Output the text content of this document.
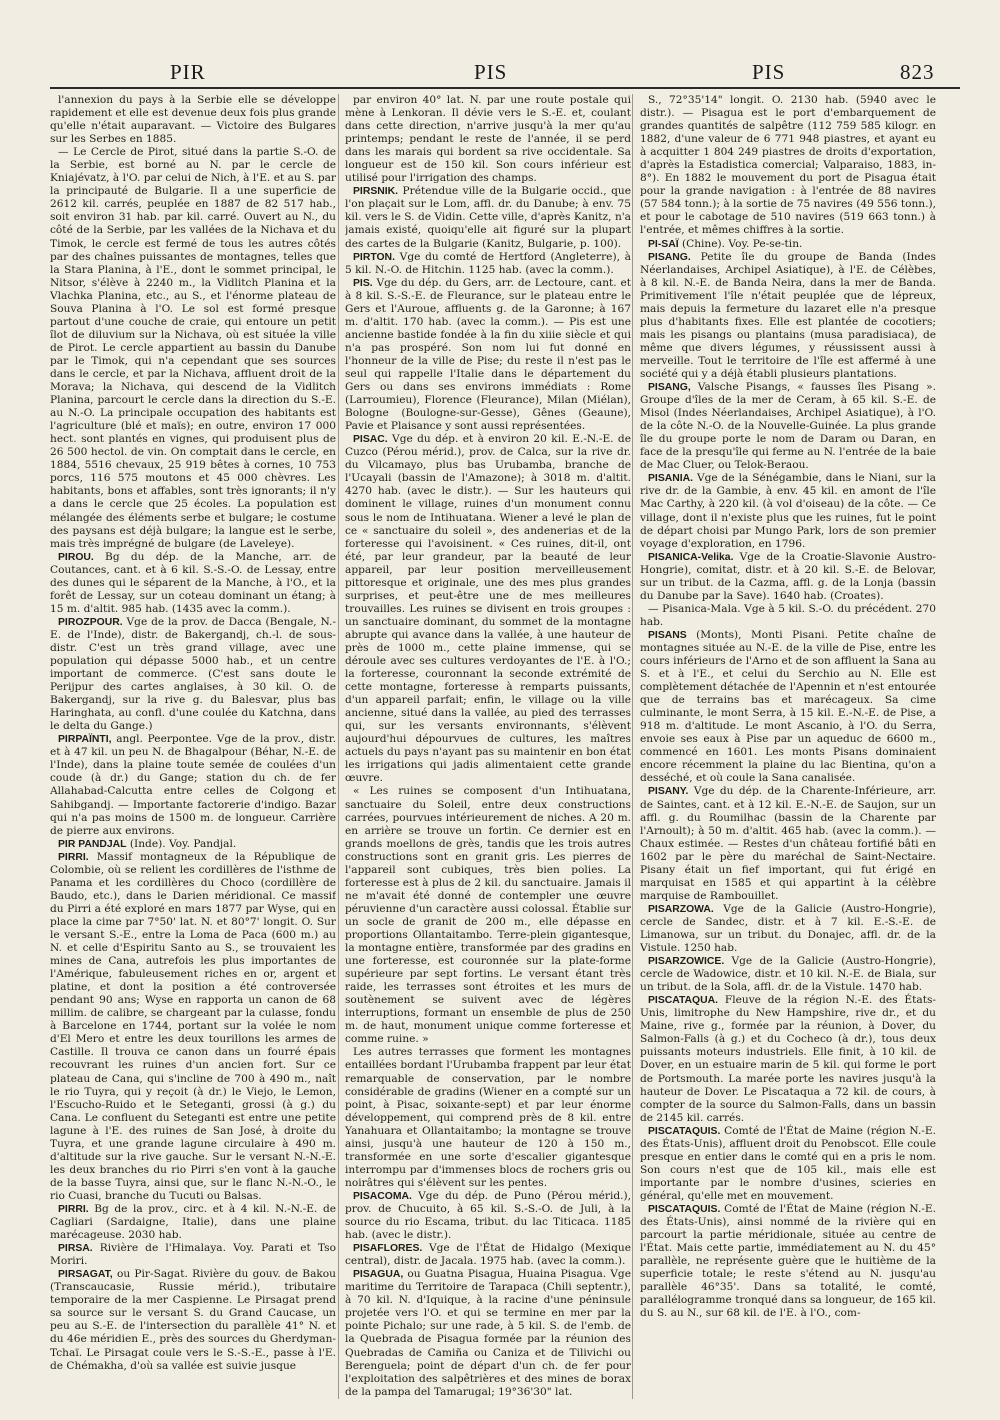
PIR	PIS	PIS	823

l'annexion du pays à la Serbie elle se développe rapidement et elle est devenue deux fois plus grande qu'elle n'était auparavant. — Victoire des Bulgares sur les Serbes en 1885.

— Le Cercle de Pirot, situé dans la partie S.-O. de la Serbie, est borné au N. par le cercle de Kniajévatz, à l'O. par celui de Nich, à l'E. et au S. par la principauté de Bulgarie. Il a une superficie de 2612 kil. carrés, peuplée en 1887 de 82 517 hab., soit environ 31 hab. par kil. carré. Ouvert au N., du côté de la Serbie, par les vallées de la Nichava et du Timok, le cercle est fermé de tous les autres côtés par des chaînes puissantes de montagnes, telles que la Stara Planina, à l'E., dont le sommet principal, le Nitsor, s'élève à 2240 m., la Vidlitch Planina et la Vlachka Planina, etc., au S., et l'énorme plateau de Souva Planina à l'O. Le sol est formé presque partout d'une couche de craie, qui entoure un petit îlot de diluvium sur la Nichava, où est située la ville de Pirot. Le cercle appartient au bassin du Danube par le Timok, qui n'a cependant que ses sources dans le cercle, et par la Nichava, affluent droit de la Morava; la Nichava, qui descend de la Vidlitch Planina, parcourt le cercle dans la direction du S.-E. au N.-O. La principale occupation des habitants est l'agriculture (blé et maïs); en outre, environ 17 000 hect. sont plantés en vignes, qui produisent plus de 26 500 hectol. de vin. On comptait dans le cercle, en 1884, 5516 chevaux, 25 919 bêtes à cornes, 10 753 porcs, 116 575 moutons et 45 000 chèvres. Les habitants, bons et affables, sont très ignorants; il n'y a dans le cercle que 25 écoles. La population est mélangée des éléments serbe et bulgare; le costume des paysans est déjà bulgare; la langue est le serbe, mais très imprégné de bulgare (de Laveleye).

PIROU. Bg du dép. de la Manche, arr. de Coutances, cant. et à 6 kil. S.-S.-O. de Lessay, entre des dunes qui le séparent de la Manche, à l'O., et la forêt de Lessay, sur un coteau dominant un étang; à 15 m. d'altit. 985 hab. (1435 avec la comm.).

PIROZPOUR. Vge de la prov. de Dacca (Bengale, N.-E. de l'Inde), distr. de Bakergandj, ch.-l. de sous-distr. C'est un très grand village, avec une population qui dépasse 5000 hab., et un centre important de commerce. (C'est sans doute le Perijpur des cartes anglaises, à 30 kil. O. de Bakergandj, sur la rive g. du Balesvar, plus bas Haringhata, au confl. d'une coulée du Katchna, dans le delta du Gange.)

PIRPAÏNTI, angl. Peerpontee. Vge de la prov., distr. et à 47 kil. un peu N. de Bhagalpour (Béhar, N.-E. de l'Inde), dans la plaine toute semée de coulées d'un coude (à dr.) du Gange; station du ch. de fer Allahabad-Calcutta entre celles de Colgong et Sahibgandj. — Importante factorerie d'indigo. Bazar qui n'a pas moins de 1500 m. de longueur. Carrière de pierre aux environs.

PIR PANDJAL (Inde). Voy. Pandjal.

PIRRI. Massif montagneux de la République de Colombie, où se relient les cordillères de l'isthme de Panama et les cordillères du Choco (cordillère de Baudo, etc.), dans le Darien méridional. Ce massif du Pirri a été exploré en mars 1877 par Wyse, qui en place la cime par 7°50' lat. N. et 80°7' longit. O. Sur le versant S.-E., entre la Loma de Paca (600 m.) au N. et celle d'Espiritu Santo au S., se trouvaient les mines de Cana, autrefois les plus importantes de l'Amérique, fabuleusement riches en or, argent et platine, et dont la position a été controversée pendant 90 ans; Wyse en rapporta un canon de 68 millim. de calibre, se chargeant par la culasse, fondu à Barcelone en 1744, portant sur la volée le nom d'El Mero et entre les deux tourillons les armes de Castille. Il trouva ce canon dans un fourré épais recouvrant les ruines d'un ancien fort. Sur ce plateau de Cana, qui s'incline de 700 à 490 m., naît le rio Tuyra, qui y reçoit (à dr.) le Viejo, le Lemon, l'Escucho-Ruido et le Seteganti, grossi (à g.) du Cana. Le confluent du Seteganti est entre une petite lagune à l'E. des ruines de San José, à droite du Tuyra, et une grande lagune circulaire à 490 m. d'altitude sur la rive gauche. Sur le versant N.-N.-E. les deux branches du rio Pirri s'en vont à la gauche de la basse Tuyra, ainsi que, sur le flanc N.-N.-O., le rio Cuasi, branche du Tucuti ou Balsas.

PIRRI. Bg de la prov., circ. et à 4 kil. N.-N.-E. de Cagliari (Sardaigne, Italie), dans une plaine marécageuse. 2030 hab.

PIRSA. Rivière de l'Himalaya. Voy. Parati et Tso Moriri.

PIRSAGAT, ou Pir-Sagat. Rivière du gouv. de Bakou (Transcaucasie, Russie mérid.), tributaire temporaire de la mer Caspienne. Le Pirsagat prend sa source sur le versant S. du Grand Caucase, un peu au S.-E. de l'intersection du parallèle 41° N. et du 46e méridien E., près des sources du Gherdyman-Tchaï. Le Pirsagat coule vers le S.-S.-E., passe à l'E. de Chémakha, d'où sa vallée est suivie jusque

par environ 40° lat. N. par une route postale qui mène à Lenkoran. Il dévie vers le S.-E. et, coulant dans cette direction, n'arrive jusqu'à la mer qu'au printemps; pendant le reste de l'année, il se perd dans les marais qui bordent sa rive occidentale. Sa longueur est de 150 kil. Son cours inférieur est utilisé pour l'irrigation des champs.

PIRSNIK. Prétendue ville de la Bulgarie occid., que l'on plaçait sur le Lom, affl. dr. du Danube; à env. 75 kil. vers le S. de Vidin. Cette ville, d'après Kanitz, n'a jamais existé, quoiqu'elle ait figuré sur la plupart des cartes de la Bulgarie (Kanitz, Bulgarie, p. 100).

PIRTON. Vge du comté de Hertford (Angleterre), à 5 kil. N.-O. de Hitchin. 1125 hab. (avec la comm.).

PIS. Vge du dép. du Gers, arr. de Lectoure, cant. et à 8 kil. S.-S.-E. de Fleurance, sur le plateau entre le Gers et l'Auroue, affluents g. de la Garonne; à 167 m. d'altit. 170 hab. (avec la comm.). — Pis est une ancienne bastide fondée à la fin du xiiie siècle et qui n'a pas prospéré. Son nom lui fut donné en l'honneur de la ville de Pise; du reste il n'est pas le seul qui rappelle l'Italie dans le département du Gers ou dans ses environs immédiats : Rome (Larroumieu), Florence (Fleurance), Milan (Miélan), Bologne (Boulogne-sur-Gesse), Gênes (Geaune), Pavie et Plaisance y sont aussi représentées.

PISAC. Vge du dép. et à environ 20 kil. E.-N.-E. de Cuzco (Pérou mérid.), prov. de Calca, sur la rive dr. du Vilcamayo, plus bas Urubamba, branche de l'Ucayali (bassin de l'Amazone); à 3018 m. d'altit. 4270 hab. (avec le distr.). — Sur les hauteurs qui dominent le village, ruines d'un monument connu sous le nom de Intihuatana. Wiener a levé le plan de ce « sanctuaire du soleil », des andenerias et de la forteresse qui l'avoisinent. « Ces ruines, dit-il, ont été, par leur grandeur, par la beauté de leur appareil, par leur position merveilleusement pittoresque et originale, une des mes plus grandes surprises, et peut-être une de mes meilleures trouvailles. Les ruines se divisent en trois groupes : un sanctuaire dominant, du sommet de la montagne abrupte qui avance dans la vallée, à une hauteur de près de 1000 m., cette plaine immense, qui se déroule avec ses cultures verdoyantes de l'E. à l'O.; la forteresse, couronnant la seconde extrémité de cette montagne, forteresse à remparts puissants, d'un appareil parfait; enfin, le village ou la ville ancienne, situé dans la vallée, au pied des terrasses qui, sur les versants environnants, s'élèvent aujourd'hui dépourvues de cultures, les maîtres actuels du pays n'ayant pas su maintenir en bon état les irrigations qui jadis alimentaient cette grande œuvre.

« Les ruines se composent d'un Intihuatana, sanctuaire du Soleil, entre deux constructions carrées, pourvues intérieurement de niches. A 20 m. en arrière se trouve un fortin. Ce dernier est en grands moellons de grès, tandis que les trois autres constructions sont en granit gris. Les pierres de l'appareil sont cubiques, très bien polies. La forteresse est à plus de 2 kil. du sanctuaire. Jamais il ne m'avait été donné de contempler une œuvre péruvienne d'un caractère aussi colossal. Établie sur un socle de granit de 200 m., elle dépasse en proportions Ollantaitambo. Terre-plein gigantesque, la montagne entière, transformée par des gradins en une forteresse, est couronnée sur la plate-forme supérieure par sept fortins. Le versant étant très raide, les terrasses sont étroites et les murs de soutènement se suivent avec de légères interruptions, formant un ensemble de plus de 250 m. de haut, monument unique comme forteresse et comme ruine. »

Les autres terrasses que forment les montagnes entaillées bordant l'Urubamba frappent par leur état remarquable de conservation, par le nombre considérable de gradins (Wiener en a compté sur un point, à Pisac, soixante-sept) et par leur énorme développement, qui comprend près de 8 kil. entre Yanahuara et Ollantaitambo; la montagne se trouve ainsi, jusqu'à une hauteur de 120 à 150 m., transformée en une sorte d'escalier gigantesque interrompu par d'immenses blocs de rochers gris ou noirâtres qui s'élèvent sur les pentes.

PISACOMA. Vge du dép. de Puno (Pérou mérid.), prov. de Chucuito, à 65 kil. S.-S.-O. de Juli, à la source du rio Escama, tribut. du lac Titicaca. 1185 hab. (avec le distr.).

PISAFLORES. Vge de l'État de Hidalgo (Mexique central), distr. de Jacala. 1975 hab. (avec la comm.).

PISAGUA, ou Guatna Pisagua, Huaina Pisagua. Vge maritime du Territoire de Tarapaca (Chili septentr.), à 70 kil. N. d'Iquique, à la racine d'une péninsule projetée vers l'O. et qui se termine en mer par la pointe Pichalo; sur une rade, à 5 kil. S. de l'emb. de la Quebrada de Pisagua formée par la réunion des Quebradas de Camiña ou Caniza et de Tilivichi ou Berenguela; point de départ d'un ch. de fer pour l'exploitation des salpêtrières et des mines de borax de la pampa del Tamarugal; 19°36'30" lat.

S., 72°35'14" longit. O. 2130 hab. (5940 avec le distr.). — Pisagua est le port d'embarquement de grandes quantités de salpêtre (112 759 585 kilogr. en 1882, d'une valeur de 6 771 948 piastres, et ayant eu à acquitter 1 804 249 piastres de droits d'exportation, d'après la Estadistica comercial; Valparaiso, 1883, in-8°). En 1882 le mouvement du port de Pisagua était pour la grande navigation : à l'entrée de 88 navires (57 584 tonn.); à la sortie de 75 navires (49 556 tonn.), et pour le cabotage de 510 navires (519 663 tonn.) à l'entrée, et mêmes chiffres à la sortie.

PI-SAÏ (Chine). Voy. Pe-se-tin.

PISANG. Petite île du groupe de Banda (Indes Néerlandaises, Archipel Asiatique), à l'E. de Célèbes, à 8 kil. N.-E. de Banda Neira, dans la mer de Banda. Primitivement l'île n'était peuplée que de lépreux, mais depuis la fermeture du lazaret elle n'a presque plus d'habitants fixes. Elle est plantée de cocotiers; mais les pisangs ou plantains (musa paradisiaca), de même que divers légumes, y réussissent aussi à merveille. Tout le territoire de l'île est affermé à une société qui y a déjà établi plusieurs plantations.

PISANG, Valsche Pisangs, « fausses îles Pisang ». Groupe d'îles de la mer de Ceram, à 65 kil. S.-E. de Misol (Indes Néerlandaises, Archipel Asiatique), à l'O. de la côte N.-O. de la Nouvelle-Guinée. La plus grande île du groupe porte le nom de Daram ou Daran, en face de la presqu'île qui ferme au N. l'entrée de la baie de Mac Cluer, ou Telok-Beraou.

PISANIA. Vge de la Sénégambie, dans le Niani, sur la rive dr. de la Gambie, à env. 45 kil. en amont de l'île Mac Carthy, à 220 kil. (à vol d'oiseau) de la côte. — Ce village, dont il n'existe plus que les ruines, fut le point de départ choisi par Mungo Park, lors de son premier voyage d'exploration, en 1796.

PISANICA-Velika. Vge de la Croatie-Slavonie Austro-Hongrie), comitat, distr. et à 20 kil. S.-E. de Belovar, sur un tribut. de la Cazma, affl. g. de la Lonja (bassin du Danube par la Save). 1640 hab. (Croates).

— Pisanica-Mala. Vge à 5 kil. S.-O. du précédent. 270 hab.

PISANS (Monts), Monti Pisani. Petite chaîne de montagnes située au N.-E. de la ville de Pise, entre les cours inférieurs de l'Arno et de son affluent la Sana au S. et à l'E., et celui du Serchio au N. Elle est complètement détachée de l'Apennin et n'est entourée que de terrains bas et marécageux. Sa cime culminante, le mont Serra, à 15 kil. E.-N.-E. de Pise, a 918 m. d'altitude. Le mont Ascanio, à l'O. du Serra, envoie ses eaux à Pise par un aqueduc de 6600 m., commencé en 1601. Les monts Pisans dominaient encore récemment la plaine du lac Bientina, qu'on a desséché, et où coule la Sana canalisée.

PISANY. Vge du dép. de la Charente-Inférieure, arr. de Saintes, cant. et à 12 kil. E.-N.-E. de Saujon, sur un affl. g. du Roumilhac (bassin de la Charente par l'Arnoult); à 50 m. d'altit. 465 hab. (avec la comm.). — Chaux estimée. — Restes d'un château fortifié bâti en 1602 par le père du maréchal de Saint-Nectaire. Pisany était un fief important, qui fut érigé en marquisat en 1585 et qui appartint à la célèbre marquise de Rambouillet.

PISARZOWA. Vge de la Galicie (Austro-Hongrie), cercle de Sandec, distr. et à 7 kil. E.-S.-E. de Limanowa, sur un tribut. du Donajec, affl. dr. de la Vistule. 1250 hab.

PISARZOWICE. Vge de la Galicie (Austro-Hongrie), cercle de Wadowice, distr. et 10 kil. N.-E. de Biala, sur un tribut. de la Sola, affl. dr. de la Vistule. 1470 hab.

PISCATAQUA. Fleuve de la région N.-E. des États-Unis, limitrophe du New Hampshire, rive dr., et du Maine, rive g., formée par la réunion, à Dover, du Salmon-Falls (à g.) et du Cocheco (à dr.), tous deux puissants moteurs industriels. Elle finit, à 10 kil. de Dover, en un estuaire marin de 5 kil. qui forme le port de Portsmouth. La marée porte les navires jusqu'à la hauteur de Dover. Le Piscataqua a 72 kil. de cours, à compter de la source du Salmon-Falls, dans un bassin de 2145 kil. carrés.

PISCATAQUIS. Comté de l'État de Maine (région N.-E. des États-Unis), affluent droit du Penobscot. Elle coule presque en entier dans le comté qui en a pris le nom. Son cours n'est que de 105 kil., mais elle est importante par le nombre d'usines, scieries en général, qu'elle met en mouvement.

PISCATAQUIS. Comté de l'État de Maine (région N.-E. des États-Unis), ainsi nommé de la rivière qui en parcourt la partie méridionale, située au centre de l'État. Mais cette partie, immédiatement au N. du 45° parallèle, ne représente guère que le huitième de la superficie totale; le reste s'étend au N. jusqu'au parallèle 46°35'. Dans sa totalité, le comté, parallélogramme tronqué dans sa longueur, de 165 kil. du S. au N., sur 68 kil. de l'E. à l'O., com-
